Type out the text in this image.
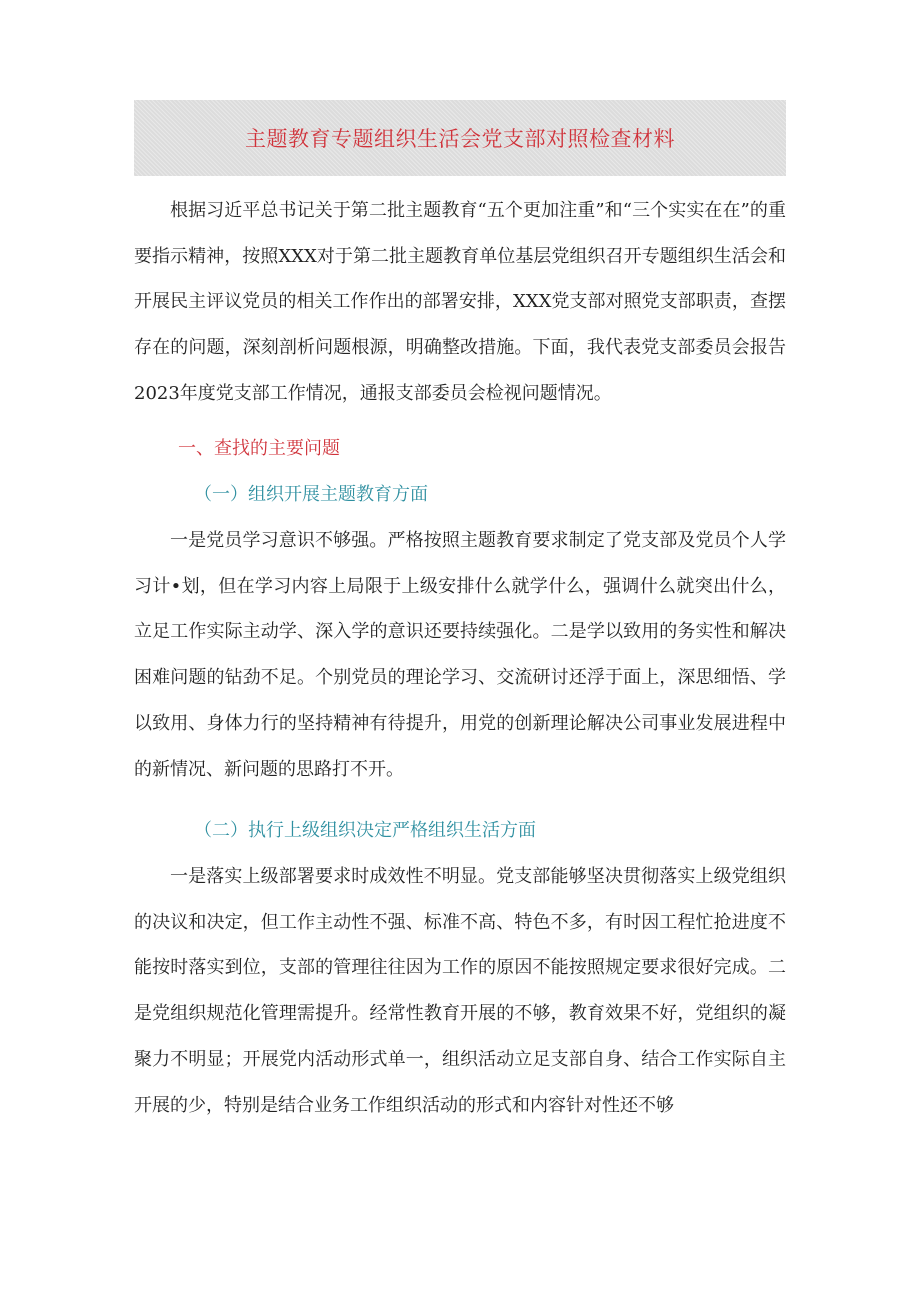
主题教育专题组织生活会党支部对照检查材料

根据习近平总书记关于第二批主题教育“五个更加注重”和“三个实实在在”的重要指示精神，按照XXX对于第二批主题教育单位基层党组织召开专题组织生活会和开展民主评议党员的相关工作作出的部署安排，XXX党支部对照党支部职责，查摆存在的问题，深刻剖析问题根源，明确整改措施。下面，我代表党支部委员会报告2023年度党支部工作情况，通报支部委员会检视问题情况。

一、查找的主要问题

（一）组织开展主题教育方面

一是党员学习意识不够强。严格按照主题教育要求制定了党支部及党员个人学习计•划，但在学习内容上局限于上级安排什么就学什么，强调什么就突出什么，立足工作实际主动学、深入学的意识还要持续强化。二是学以致用的务实性和解决困难问题的钻劲不足。个别党员的理论学习、交流研讨还浮于面上，深思细悟、学以致用、身体力行的坚持精神有待提升，用党的创新理论解决公司事业发展进程中的新情况、新问题的思路打不开。

（二）执行上级组织决定严格组织生活方面

一是落实上级部署要求时成效性不明显。党支部能够坚决贯彻落实上级党组织的决议和决定，但工作主动性不强、标准不高、特色不多，有时因工程忙抢进度不能按时落实到位，支部的管理往往因为工作的原因不能按照规定要求很好完成。二是党组织规范化管理需提升。经常性教育开展的不够，教育效果不好，党组织的凝聚力不明显；开展党内活动形式单一，组织活动立足支部自身、结合工作实际自主开展的少，特别是结合业务工作组织活动的形式和内容针对性还不够
